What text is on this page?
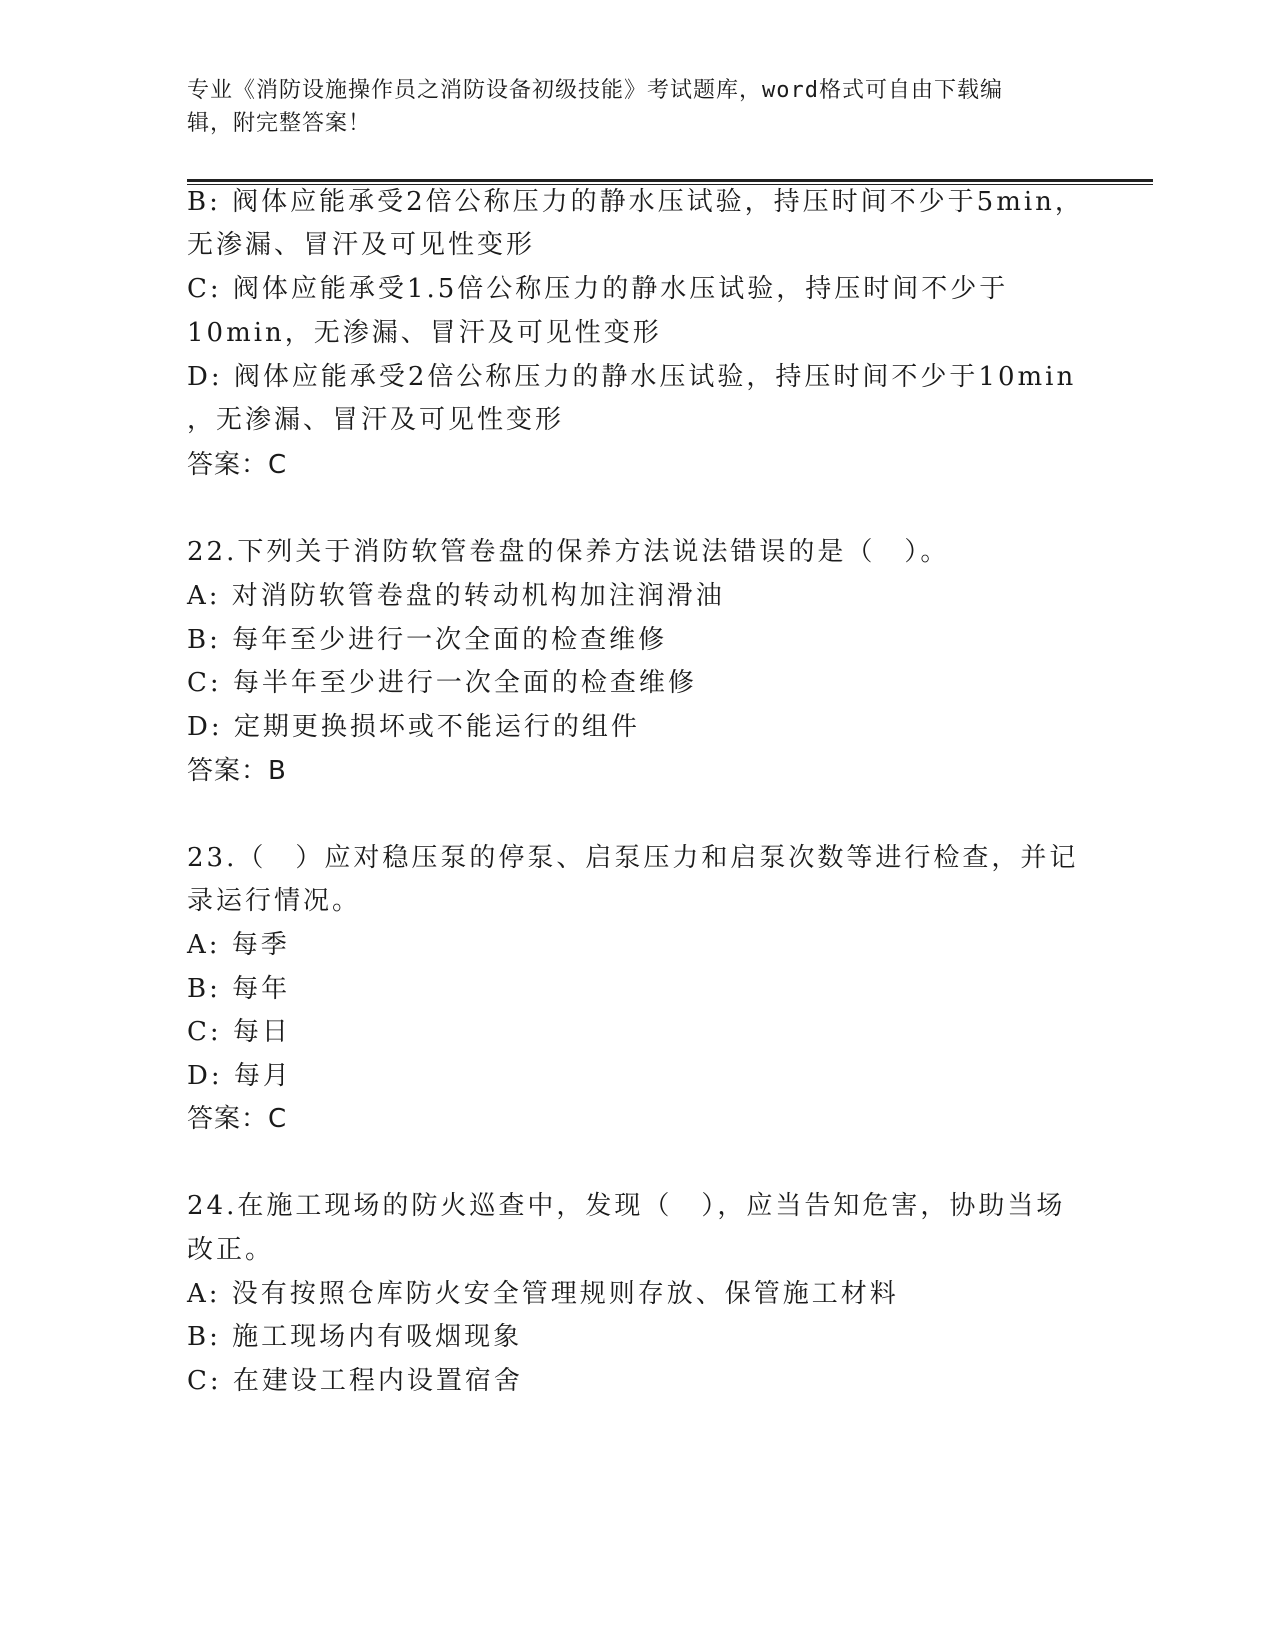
专业《消防设施操作员之消防设备初级技能》考试题库，word格式可自由下载编
辑，附完整答案！
B: 阀体应能承受2倍公称压力的静水压试验，持压时间不少于5min，
无渗漏、冒汗及可见性变形
C: 阀体应能承受1.5倍公称压力的静水压试验，持压时间不少于
10min，无渗漏、冒汗及可见性变形
D: 阀体应能承受2倍公称压力的静水压试验，持压时间不少于10min
，无渗漏、冒汗及可见性变形
答案：C
22.下列关于消防软管卷盘的保养方法说法错误的是（　）。
A: 对消防软管卷盘的转动机构加注润滑油
B: 每年至少进行一次全面的检查维修
C: 每半年至少进行一次全面的检查维修
D: 定期更换损坏或不能运行的组件
答案：B
23.（　）应对稳压泵的停泵、启泵压力和启泵次数等进行检查，并记
录运行情况。
A: 每季
B: 每年
C: 每日
D: 每月
答案：C
24.在施工现场的防火巡查中，发现（　），应当告知危害，协助当场
改正。
A: 没有按照仓库防火安全管理规则存放、保管施工材料
B: 施工现场内有吸烟现象
C: 在建设工程内设置宿舍
